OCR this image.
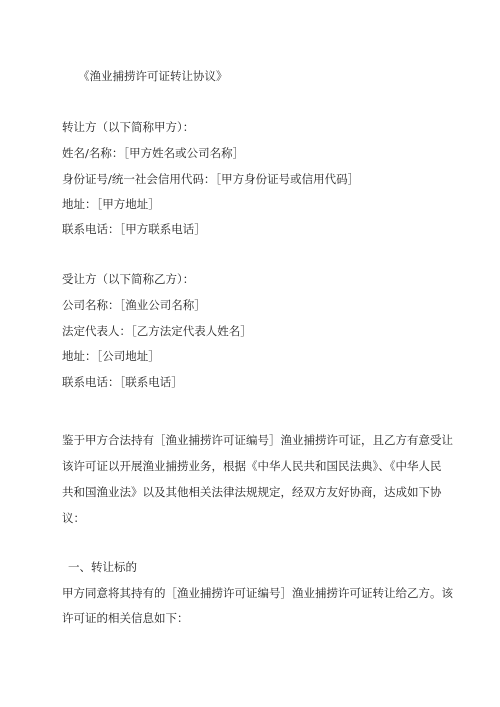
《渔业捕捞许可证转让协议》
转让方（以下简称甲方）：
姓名/名称：［甲方姓名或公司名称］
身份证号/统一社会信用代码：［甲方身份证号或信用代码］
地址：［甲方地址］
联系电话：［甲方联系电话］
受让方（以下简称乙方）：
公司名称：［渔业公司名称］
法定代表人：［乙方法定代表人姓名］
地址：［公司地址］
联系电话：［联系电话］
鉴于甲方合法持有［渔业捕捞许可证编号］渔业捕捞许可证，且乙方有意受让
该许可证以开展渔业捕捞业务，根据《中华人民共和国民法典》、《中华人民
共和国渔业法》以及其他相关法律法规规定，经双方友好协商，达成如下协
议：
一、转让标的
甲方同意将其持有的［渔业捕捞许可证编号］渔业捕捞许可证转让给乙方。该
许可证的相关信息如下：
